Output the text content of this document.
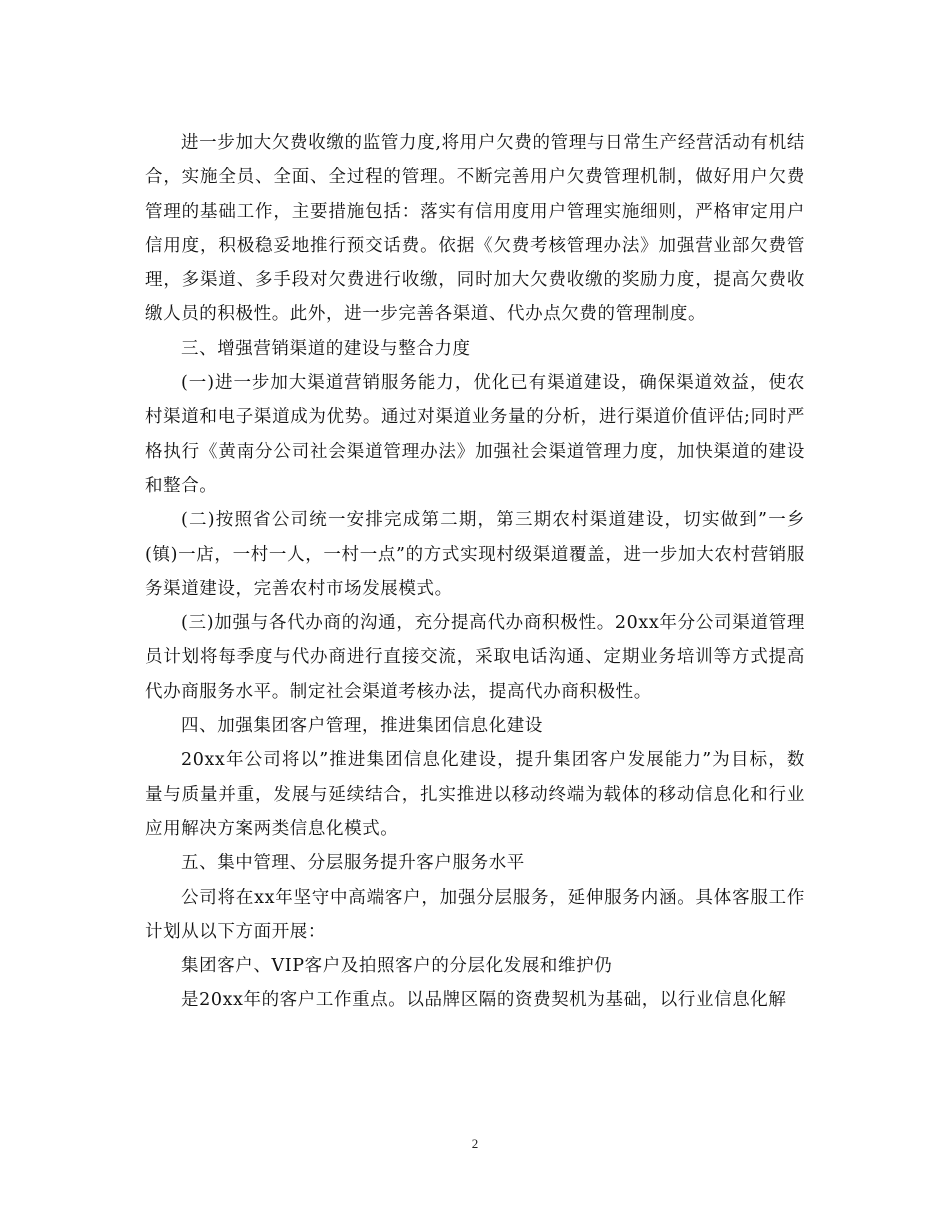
进一步加大欠费收缴的监管力度,将用户欠费的管理与日常生产经营活动有机结合，实施全员、全面、全过程的管理。不断完善用户欠费管理机制，做好用户欠费管理的基础工作，主要措施包括：落实有信用度用户管理实施细则，严格审定用户信用度，积极稳妥地推行预交话费。依据《欠费考核管理办法》加强营业部欠费管理，多渠道、多手段对欠费进行收缴，同时加大欠费收缴的奖励力度，提高欠费收缴人员的积极性。此外，进一步完善各渠道、代办点欠费的管理制度。

三、增强营销渠道的建设与整合力度

(一)进一步加大渠道营销服务能力，优化已有渠道建设，确保渠道效益，使农村渠道和电子渠道成为优势。通过对渠道业务量的分析，进行渠道价值评估;同时严格执行《黄南分公司社会渠道管理办法》加强社会渠道管理力度，加快渠道的建设和整合。

(二)按照省公司统一安排完成第二期，第三期农村渠道建设，切实做到”一乡(镇)一店，一村一人，一村一点”的方式实现村级渠道覆盖，进一步加大农村营销服务渠道建设，完善农村市场发展模式。

(三)加强与各代办商的沟通，充分提高代办商积极性。20xx年分公司渠道管理员计划将每季度与代办商进行直接交流，采取电话沟通、定期业务培训等方式提高代办商服务水平。制定社会渠道考核办法，提高代办商积极性。

四、加强集团客户管理，推进集团信息化建设

20xx年公司将以”推进集团信息化建设，提升集团客户发展能力”为目标，数量与质量并重，发展与延续结合，扎实推进以移动终端为载体的移动信息化和行业应用解决方案两类信息化模式。

五、集中管理、分层服务提升客户服务水平

公司将在xx年坚守中高端客户，加强分层服务，延伸服务内涵。具体客服工作计划从以下方面开展：

集团客户、VIP客户及拍照客户的分层化发展和维护仍

是20xx年的客户工作重点。以品牌区隔的资费契机为基础，以行业信息化解

2
